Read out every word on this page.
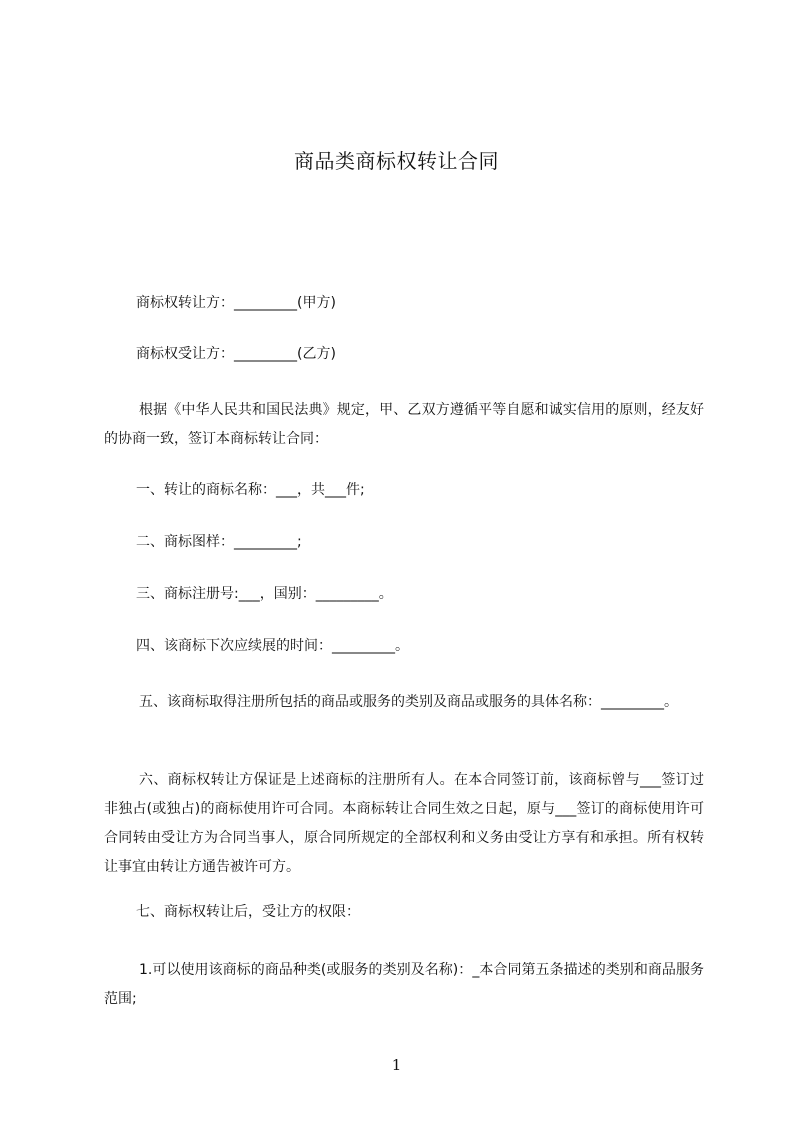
商品类商标权转让合同
商标权转让方：_________(甲方)
商标权受让方：_________(乙方)
根据《中华人民共和国民法典》规定，甲、乙双方遵循平等自愿和诚实信用的原则，经友好的协商一致，签订本商标转让合同：
一、转让的商标名称：___，共___件;
二、商标图样：_________;
三、商标注册号:___，国别：_________。
四、该商标下次应续展的时间：_________。
五、该商标取得注册所包括的商品或服务的类别及商品或服务的具体名称：_________。
六、商标权转让方保证是上述商标的注册所有人。在本合同签订前，该商标曾与___签订过非独占(或独占)的商标使用许可合同。本商标转让合同生效之日起，原与___签订的商标使用许可合同转由受让方为合同当事人，原合同所规定的全部权利和义务由受让方享有和承担。所有权转让事宜由转让方通告被许可方。
七、商标权转让后，受让方的权限：
1.可以使用该商标的商品种类(或服务的类别及名称)：_本合同第五条描述的类别和商品服务范围;
1
